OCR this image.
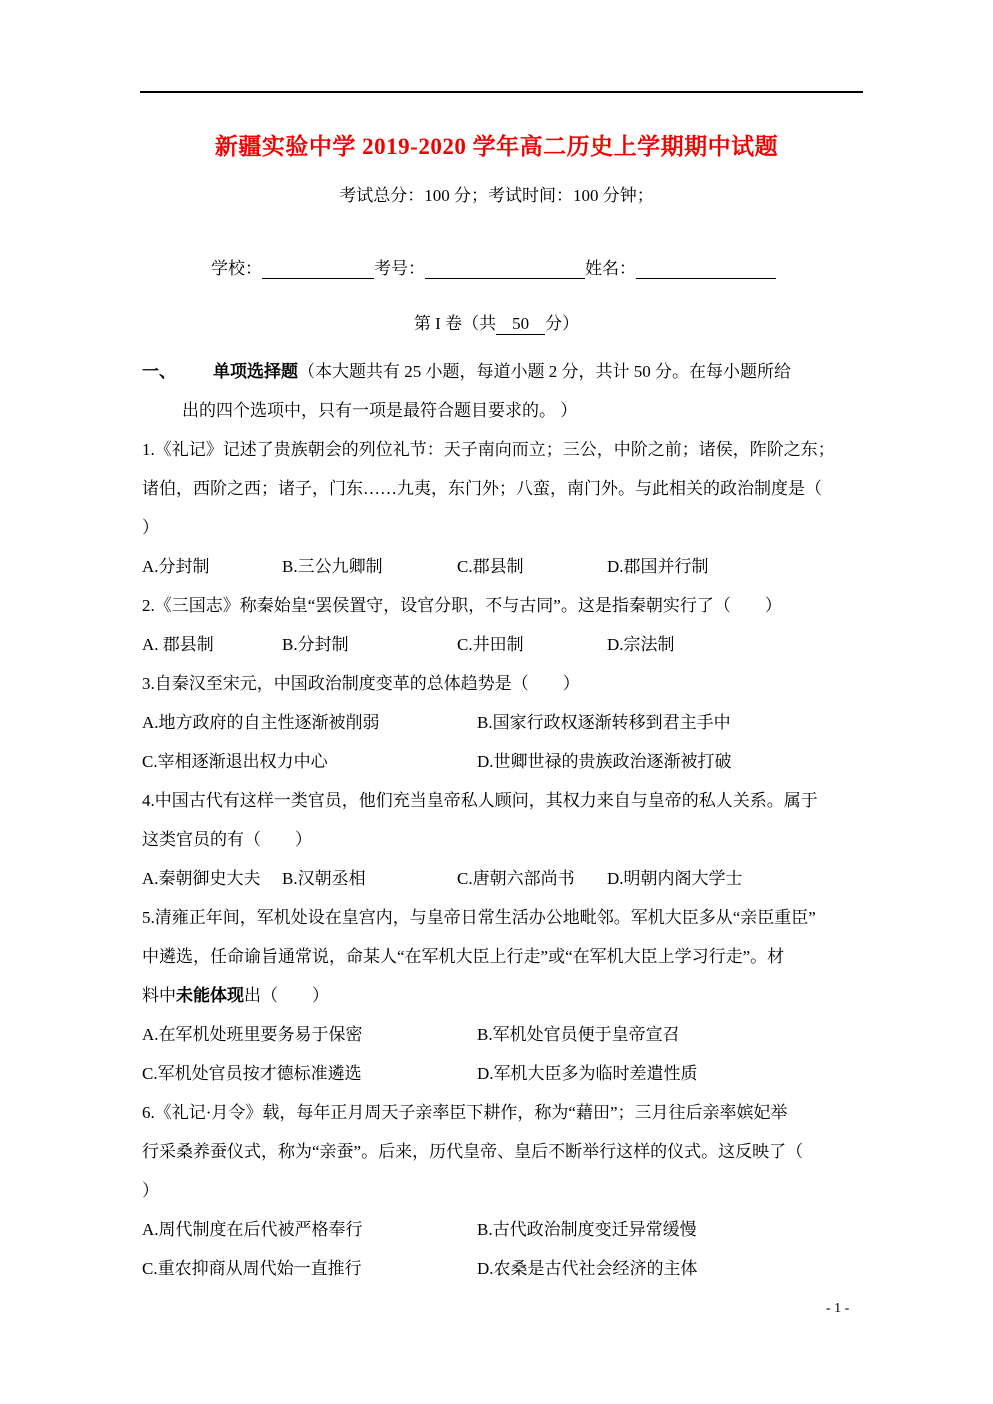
新疆实验中学 2019-2020 学年高二历史上学期期中试题
考试总分：100 分；考试时间：100 分钟；
学校：	考号：	姓名：
第 I 卷（共 50 分）
一、 单项选择题（本大题共有 25 小题，每道小题 2 分，共计 50 分。在每小题所给
出的四个选项中，只有一项是最符合题目要求的。 ）
1.《礼记》记述了贵族朝会的列位礼节：天子南向而立；三公，中阶之前；诸侯，阼阶之东；
诸伯，西阶之西；诸子，门东……九夷，东门外；八蛮，南门外。与此相关的政治制度是（
）
A.分封制	B.三公九卿制	C.郡县制	D.郡国并行制
2.《三国志》称秦始皇“罢侯置守，设官分职，不与古同”。这是指秦朝实行了（　　）
A. 郡县制	B.分封制	C.井田制	D.宗法制
3.自秦汉至宋元，中国政治制度变革的总体趋势是（　　）
A.地方政府的自主性逐渐被削弱	B.国家行政权逐渐转移到君主手中
C.宰相逐渐退出权力中心	D.世卿世禄的贵族政治逐渐被打破
4.中国古代有这样一类官员，他们充当皇帝私人顾问，其权力来自与皇帝的私人关系。属于
这类官员的有（　　）
A.秦朝御史大夫 B.汉朝丞相	C.唐朝六部尚书 D.明朝内阁大学士
5.清雍正年间，军机处设在皇宫内，与皇帝日常生活办公地毗邻。军机大臣多从“亲臣重臣”
中遴选，任命谕旨通常说，命某人“在军机大臣上行走”或“在军机大臣上学习行走”。材
料中未能体现出（　　）
A.在军机处班里要务易于保密	B.军机处官员便于皇帝宣召
C.军机处官员按才德标准遴选	D.军机大臣多为临时差遣性质
6.《礼记·月令》载，每年正月周天子亲率臣下耕作，称为“藉田”；三月往后亲率嫔妃举
行采桑养蚕仪式，称为“亲蚕”。后来，历代皇帝、皇后不断举行这样的仪式。这反映了（
）
A.周代制度在后代被严格奉行	B.古代政治制度变迁异常缓慢
C.重农抑商从周代始一直推行	D.农桑是古代社会经济的主体
- 1 -
